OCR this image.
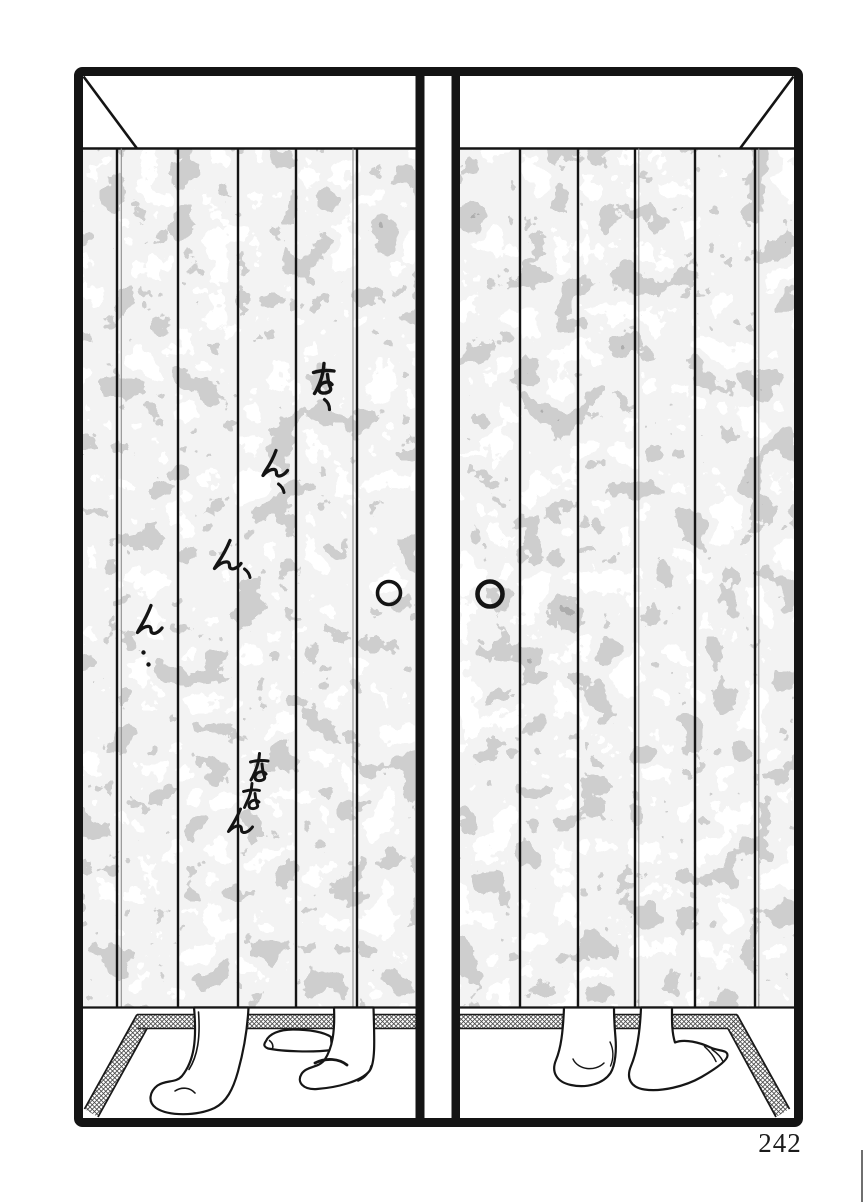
242
